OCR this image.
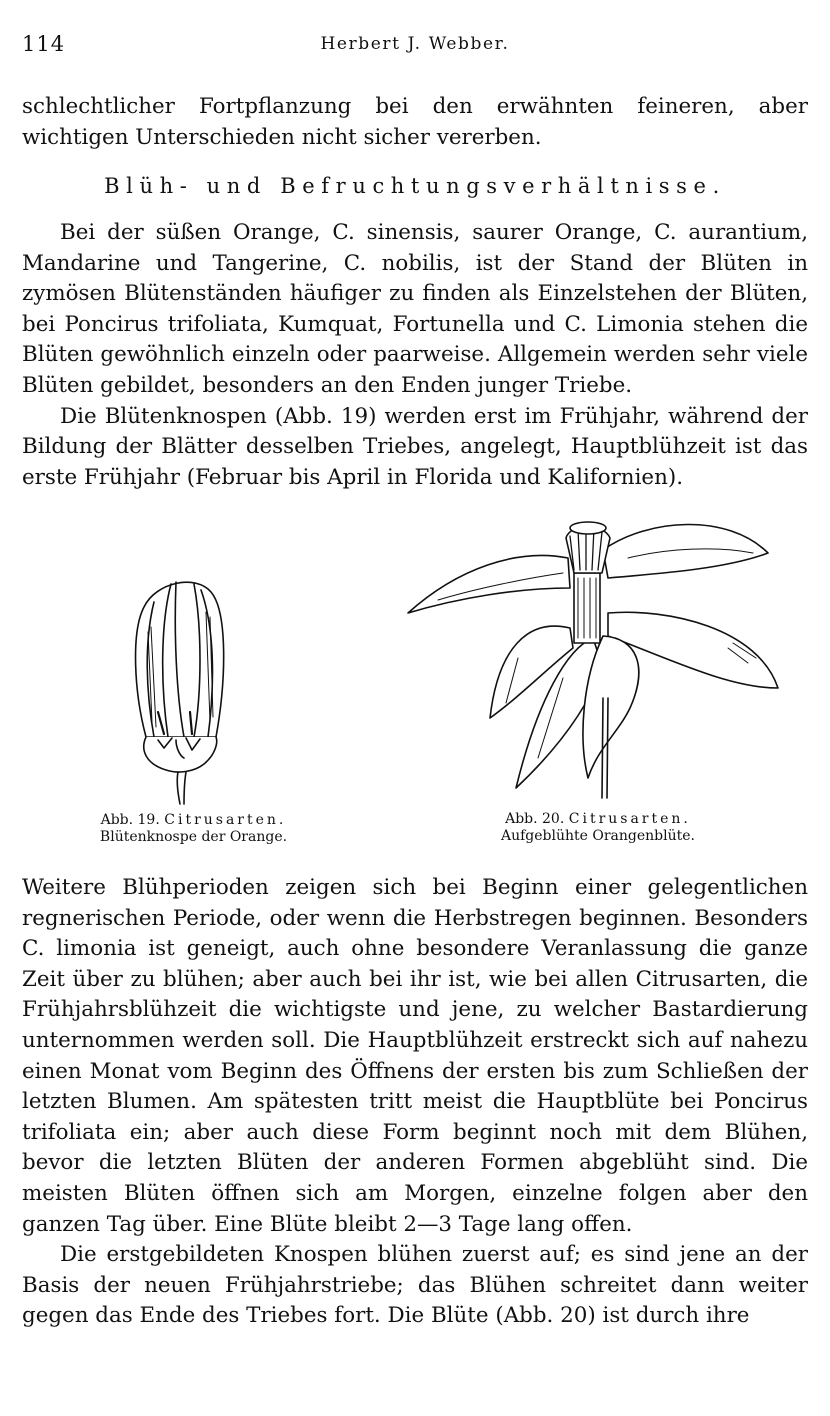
114	Herbert J. Webber.

schlechtlicher Fortpflanzung bei den erwähnten feineren, aber wichtigen Unterschieden nicht sicher vererben.

Blüh- und Befruchtungsverhältnisse.

Bei der süßen Orange, C. sinensis, saurer Orange, C. aurantium, Mandarine und Tangerine, C. nobilis, ist der Stand der Blüten in zymösen Blütenständen häufiger zu finden als Einzelstehen der Blüten, bei Poncirus trifoliata, Kumquat, Fortunella und C. Limonia stehen die Blüten gewöhnlich einzeln oder paarweise. Allgemein werden sehr viele Blüten gebildet, besonders an den Enden junger Triebe.

Die Blütenknospen (Abb. 19) werden erst im Frühjahr, während der Bildung der Blätter desselben Triebes, angelegt, Hauptblühzeit ist das erste Frühjahr (Februar bis April in Florida und Kalifornien).

Abb. 19. Citrusarten.
Blütenknospe der Orange.
Abb. 20. Citrusarten.
Aufgeblühte Orangenblüte.

Weitere Blühperioden zeigen sich bei Beginn einer gelegentlichen regnerischen Periode, oder wenn die Herbstregen beginnen. Besonders C. limonia ist geneigt, auch ohne besondere Veranlassung die ganze Zeit über zu blühen; aber auch bei ihr ist, wie bei allen Citrusarten, die Frühjahrsblühzeit die wichtigste und jene, zu welcher Bastardierung unternommen werden soll. Die Hauptblühzeit erstreckt sich auf nahezu einen Monat vom Beginn des Öffnens der ersten bis zum Schließen der letzten Blumen. Am spätesten tritt meist die Hauptblüte bei Poncirus trifoliata ein; aber auch diese Form beginnt noch mit dem Blühen, bevor die letzten Blüten der anderen Formen abgeblüht sind. Die meisten Blüten öffnen sich am Morgen, einzelne folgen aber den ganzen Tag über. Eine Blüte bleibt 2—3 Tage lang offen.

Die erstgebildeten Knospen blühen zuerst auf; es sind jene an der Basis der neuen Frühjahrstriebe; das Blühen schreitet dann weiter gegen das Ende des Triebes fort. Die Blüte (Abb. 20) ist durch ihre
